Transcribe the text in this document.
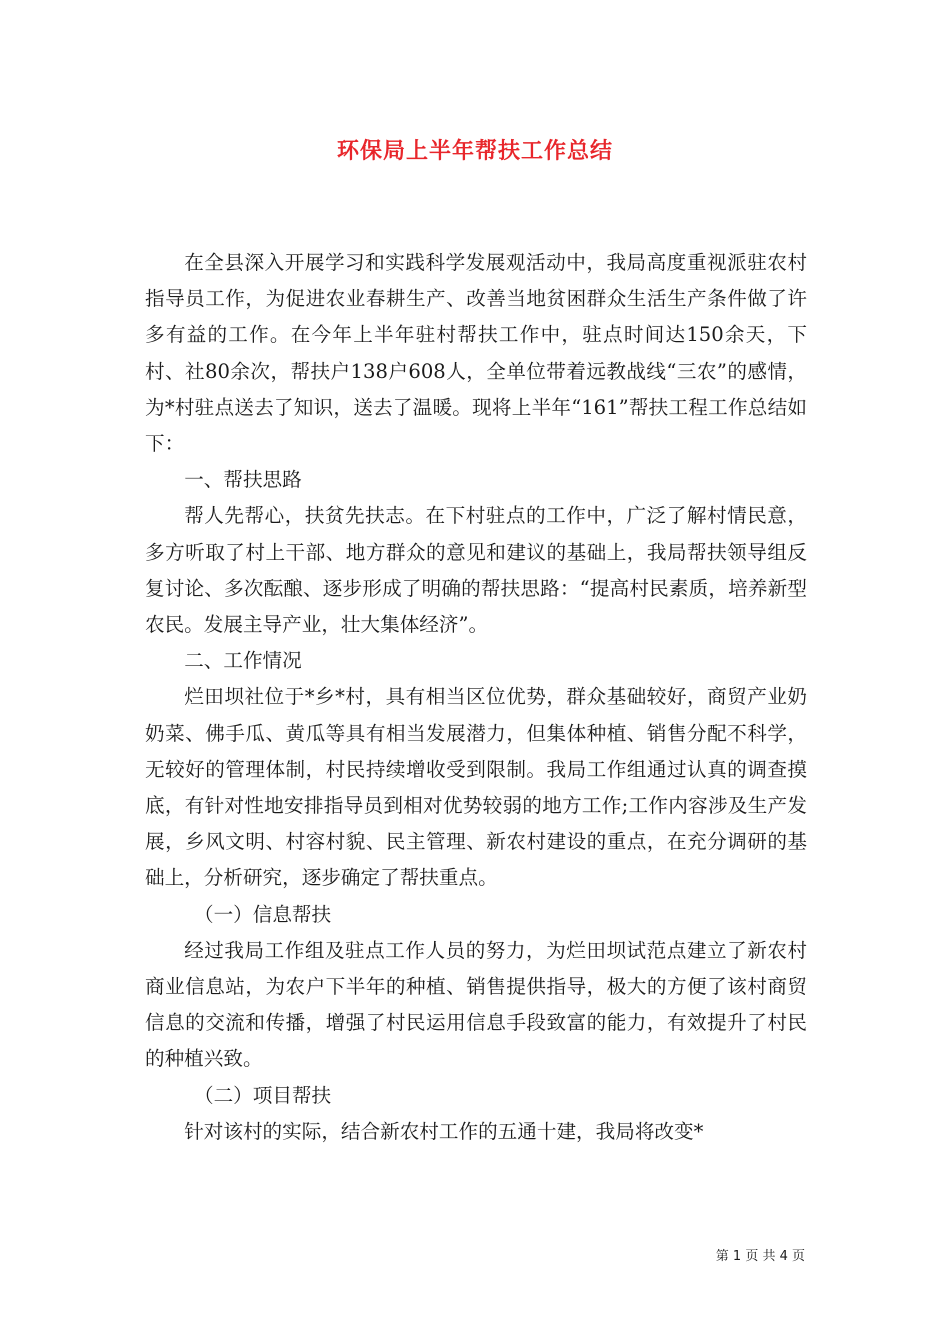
环保局上半年帮扶工作总结

在全县深入开展学习和实践科学发展观活动中，我局高度重视派驻农村指导员工作，为促进农业春耕生产、改善当地贫困群众生活生产条件做了许多有益的工作。在今年上半年驻村帮扶工作中，驻点时间达150余天，下村、社80余次，帮扶户138户608人，全单位带着远教战线“三农”的感情，为*村驻点送去了知识，送去了温暖。现将上半年“161”帮扶工程工作总结如下：

一、帮扶思路

帮人先帮心，扶贫先扶志。在下村驻点的工作中，广泛了解村情民意，多方听取了村上干部、地方群众的意见和建议的基础上，我局帮扶领导组反复讨论、多次酝酿、逐步形成了明确的帮扶思路：“提高村民素质，培养新型农民。发展主导产业，壮大集体经济”。

二、工作情况

烂田坝社位于*乡*村，具有相当区位优势，群众基础较好，商贸产业奶奶菜、佛手瓜、黄瓜等具有相当发展潜力，但集体种植、销售分配不科学，无较好的管理体制，村民持续增收受到限制。我局工作组通过认真的调查摸底，有针对性地安排指导员到相对优势较弱的地方工作;工作内容涉及生产发展，乡风文明、村容村貌、民主管理、新农村建设的重点，在充分调研的基础上，分析研究，逐步确定了帮扶重点。

（一）信息帮扶

经过我局工作组及驻点工作人员的努力，为烂田坝试范点建立了新农村商业信息站，为农户下半年的种植、销售提供指导，极大的方便了该村商贸信息的交流和传播，增强了村民运用信息手段致富的能力，有效提升了村民的种植兴致。

（二）项目帮扶

针对该村的实际，结合新农村工作的五通十建，我局将改变*

第 1 页 共 4 页
